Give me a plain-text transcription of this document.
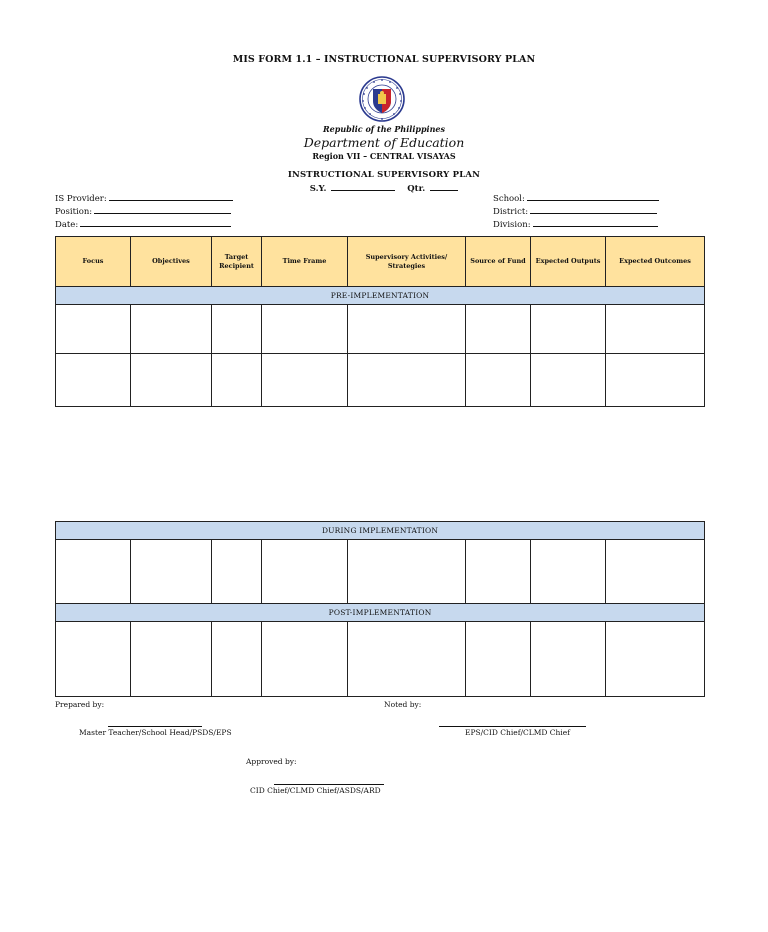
MIS FORM 1.1 – INSTRUCTIONAL SUPERVISORY PLAN
Republic of the Philippines
Department of Education
Region VII – CENTRAL VISAYAS
INSTRUCTIONAL SUPERVISORY PLAN
S.Y.	Qtr.
IS Provider:
Position:
Date:
School:
District:
Division:
Focus	Objectives	Target Recipient	Time Frame	Supervisory Activities/ Strategies	Source of Fund	Expected Outputs	Expected Outcomes
PRE-IMPLEMENTATION							

DURING IMPLEMENTATION							

POST-IMPLEMENTATION							

Prepared by:
Master Teacher/School Head/PSDS/EPS
Noted by:
EPS/CID Chief/CLMD Chief
Approved by:
CID Chief/CLMD Chief/ASDS/ARD
